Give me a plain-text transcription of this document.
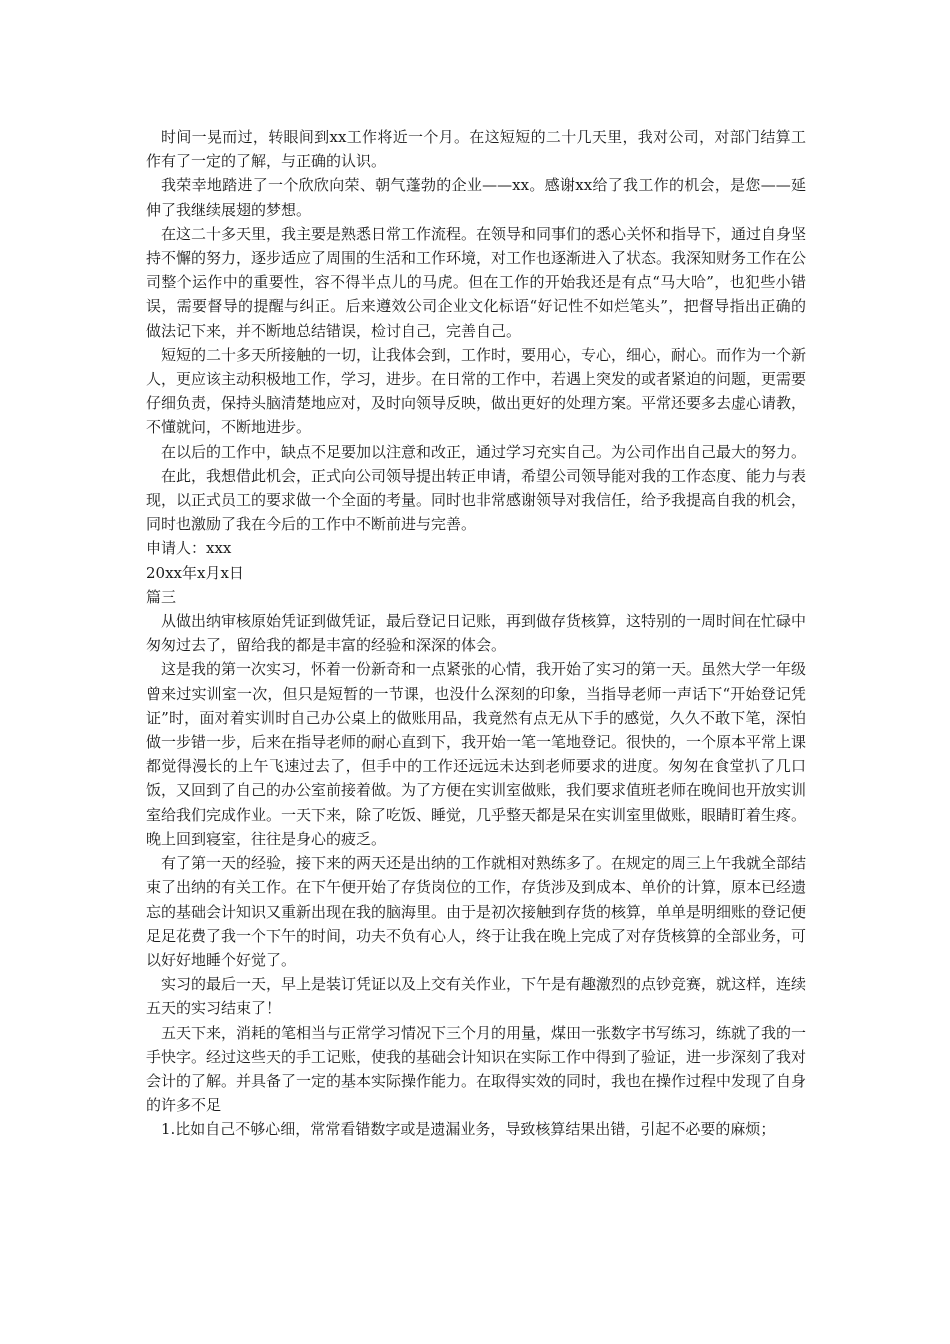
时间一晃而过，转眼间到xx工作将近一个月。在这短短的二十几天里，我对公司，对部门结算工作有了一定的了解，与正确的认识。

我荣幸地踏进了一个欣欣向荣、朝气蓬勃的企业——xx。感谢xx给了我工作的机会，是您——延伸了我继续展翅的梦想。

在这二十多天里，我主要是熟悉日常工作流程。在领导和同事们的悉心关怀和指导下，通过自身坚持不懈的努力，逐步适应了周围的生活和工作环境，对工作也逐渐进入了状态。我深知财务工作在公司整个运作中的重要性，容不得半点儿的马虎。但在工作的开始我还是有点“马大哈”，也犯些小错误，需要督导的提醒与纠正。后来遵效公司企业文化标语“好记性不如烂笔头”，把督导指出正确的做法记下来，并不断地总结错误，检讨自己，完善自己。

短短的二十多天所接触的一切，让我体会到，工作时，要用心，专心，细心，耐心。而作为一个新人，更应该主动积极地工作，学习，进步。在日常的工作中，若遇上突发的或者紧迫的问题，更需要仔细负责，保持头脑清楚地应对，及时向领导反映，做出更好的处理方案。平常还要多去虚心请教，不懂就问，不断地进步。

在以后的工作中，缺点不足要加以注意和改正，通过学习充实自己。为公司作出自己最大的努力。

在此，我想借此机会，正式向公司领导提出转正申请，希望公司领导能对我的工作态度、能力与表现，以正式员工的要求做一个全面的考量。同时也非常感谢领导对我信任，给予我提高自我的机会，同时也激励了我在今后的工作中不断前进与完善。

申请人：xxx

20xx年x月x日

篇三

从做出纳审核原始凭证到做凭证，最后登记日记账，再到做存货核算，这特别的一周时间在忙碌中匆匆过去了，留给我的都是丰富的经验和深深的体会。

这是我的第一次实习，怀着一份新奇和一点紧张的心情，我开始了实习的第一天。虽然大学一年级曾来过实训室一次，但只是短暂的一节课，也没什么深刻的印象，当指导老师一声话下“开始登记凭证”时，面对着实训时自己办公桌上的做账用品，我竟然有点无从下手的感觉，久久不敢下笔，深怕做一步错一步，后来在指导老师的耐心直到下，我开始一笔一笔地登记。很快的，一个原本平常上课都觉得漫长的上午飞速过去了，但手中的工作还远远未达到老师要求的进度。匆匆在食堂扒了几口饭，又回到了自己的办公室前接着做。为了方便在实训室做账，我们要求值班老师在晚间也开放实训室给我们完成作业。一天下来，除了吃饭、睡觉，几乎整天都是呆在实训室里做账，眼睛盯着生疼。晚上回到寝室，往往是身心的疲乏。

有了第一天的经验，接下来的两天还是出纳的工作就相对熟练多了。在规定的周三上午我就全部结束了出纳的有关工作。在下午便开始了存货岗位的工作，存货涉及到成本、单价的计算，原本已经遗忘的基础会计知识又重新出现在我的脑海里。由于是初次接触到存货的核算，单单是明细账的登记便足足花费了我一个下午的时间，功夫不负有心人，终于让我在晚上完成了对存货核算的全部业务，可以好好地睡个好觉了。

实习的最后一天，早上是装订凭证以及上交有关作业，下午是有趣激烈的点钞竞赛，就这样，连续五天的实习结束了！

五天下来，消耗的笔相当与正常学习情况下三个月的用量，煤田一张数字书写练习，练就了我的一手快字。经过这些天的手工记账，使我的基础会计知识在实际工作中得到了验证，进一步深刻了我对会计的了解。并具备了一定的基本实际操作能力。在取得实效的同时，我也在操作过程中发现了自身的许多不足

1.比如自己不够心细，常常看错数字或是遗漏业务，导致核算结果出错，引起不必要的麻烦；
